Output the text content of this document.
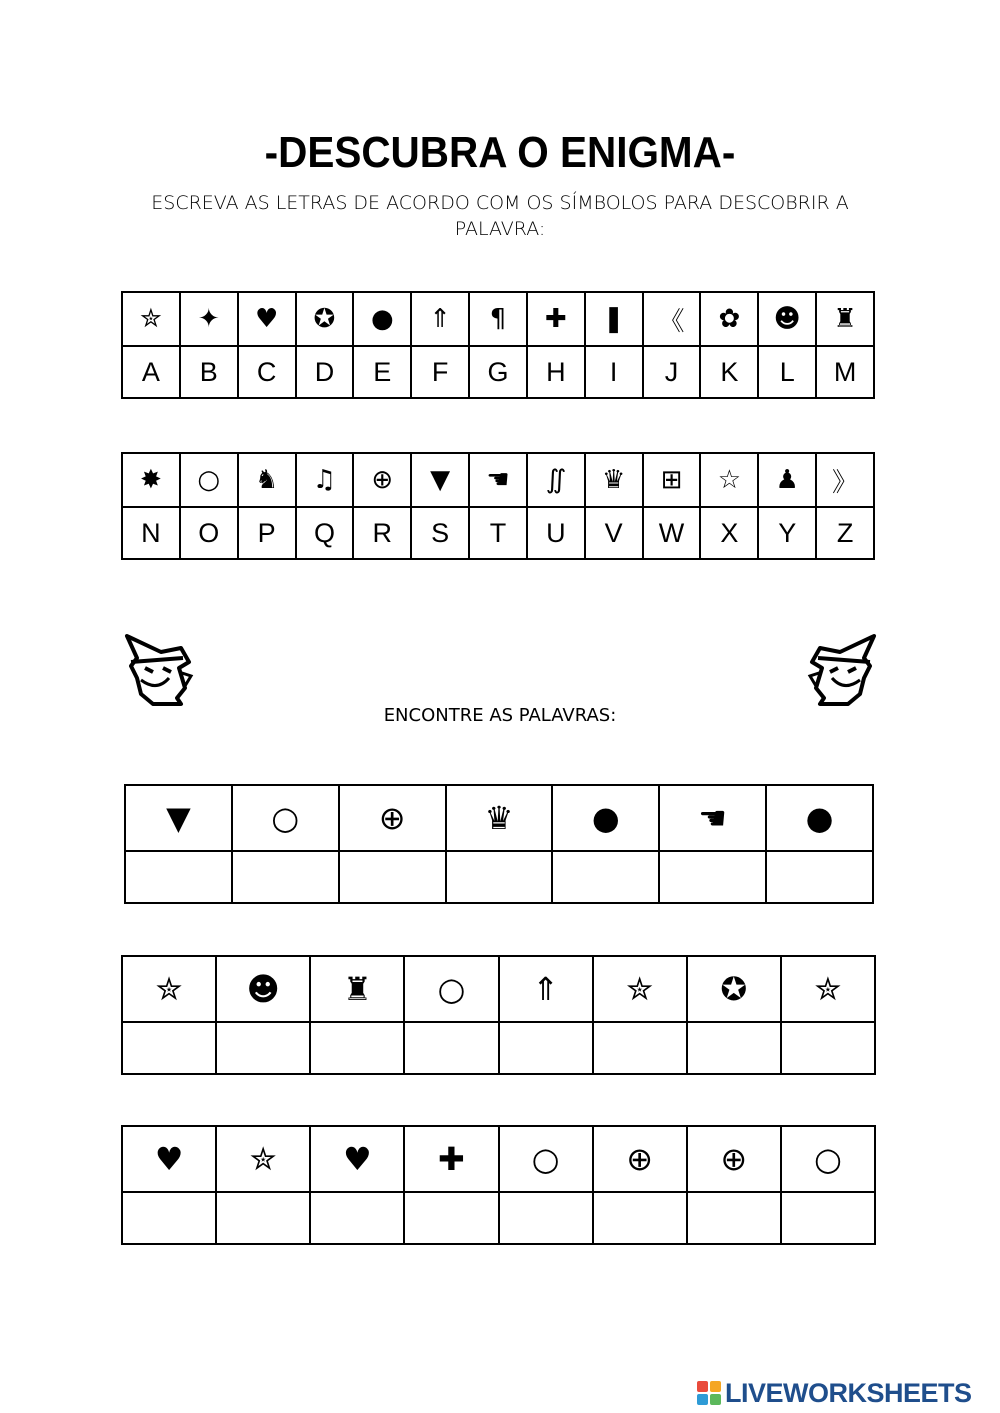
-DESCUBRA O ENIGMA-
ESCREVA AS LETRAS DE ACORDO COM OS SÍMBOLOS PARA DESCOBRIR A PALAVRA:
✮	✦	♥	✪	●	⇑	¶	✚	❚	《	✿	☻	♜
A	B	C	D	E	F	G	H	I	J	K	L	M
✸	○	♞	♫	⊕	▼	☚	∬	♛	⊞	☆	♟	》
N	O	P	Q	R	S	T	U	V	W	X	Y	Z
ENCONTRE AS PALAVRAS:
▼	○	⊕	♛	●	☚	●

✮	☻	♜	○	⇑	✮	✪	✮

♥	✮	♥	✚	○	⊕	⊕	○

LIVEWORKSHEETS
